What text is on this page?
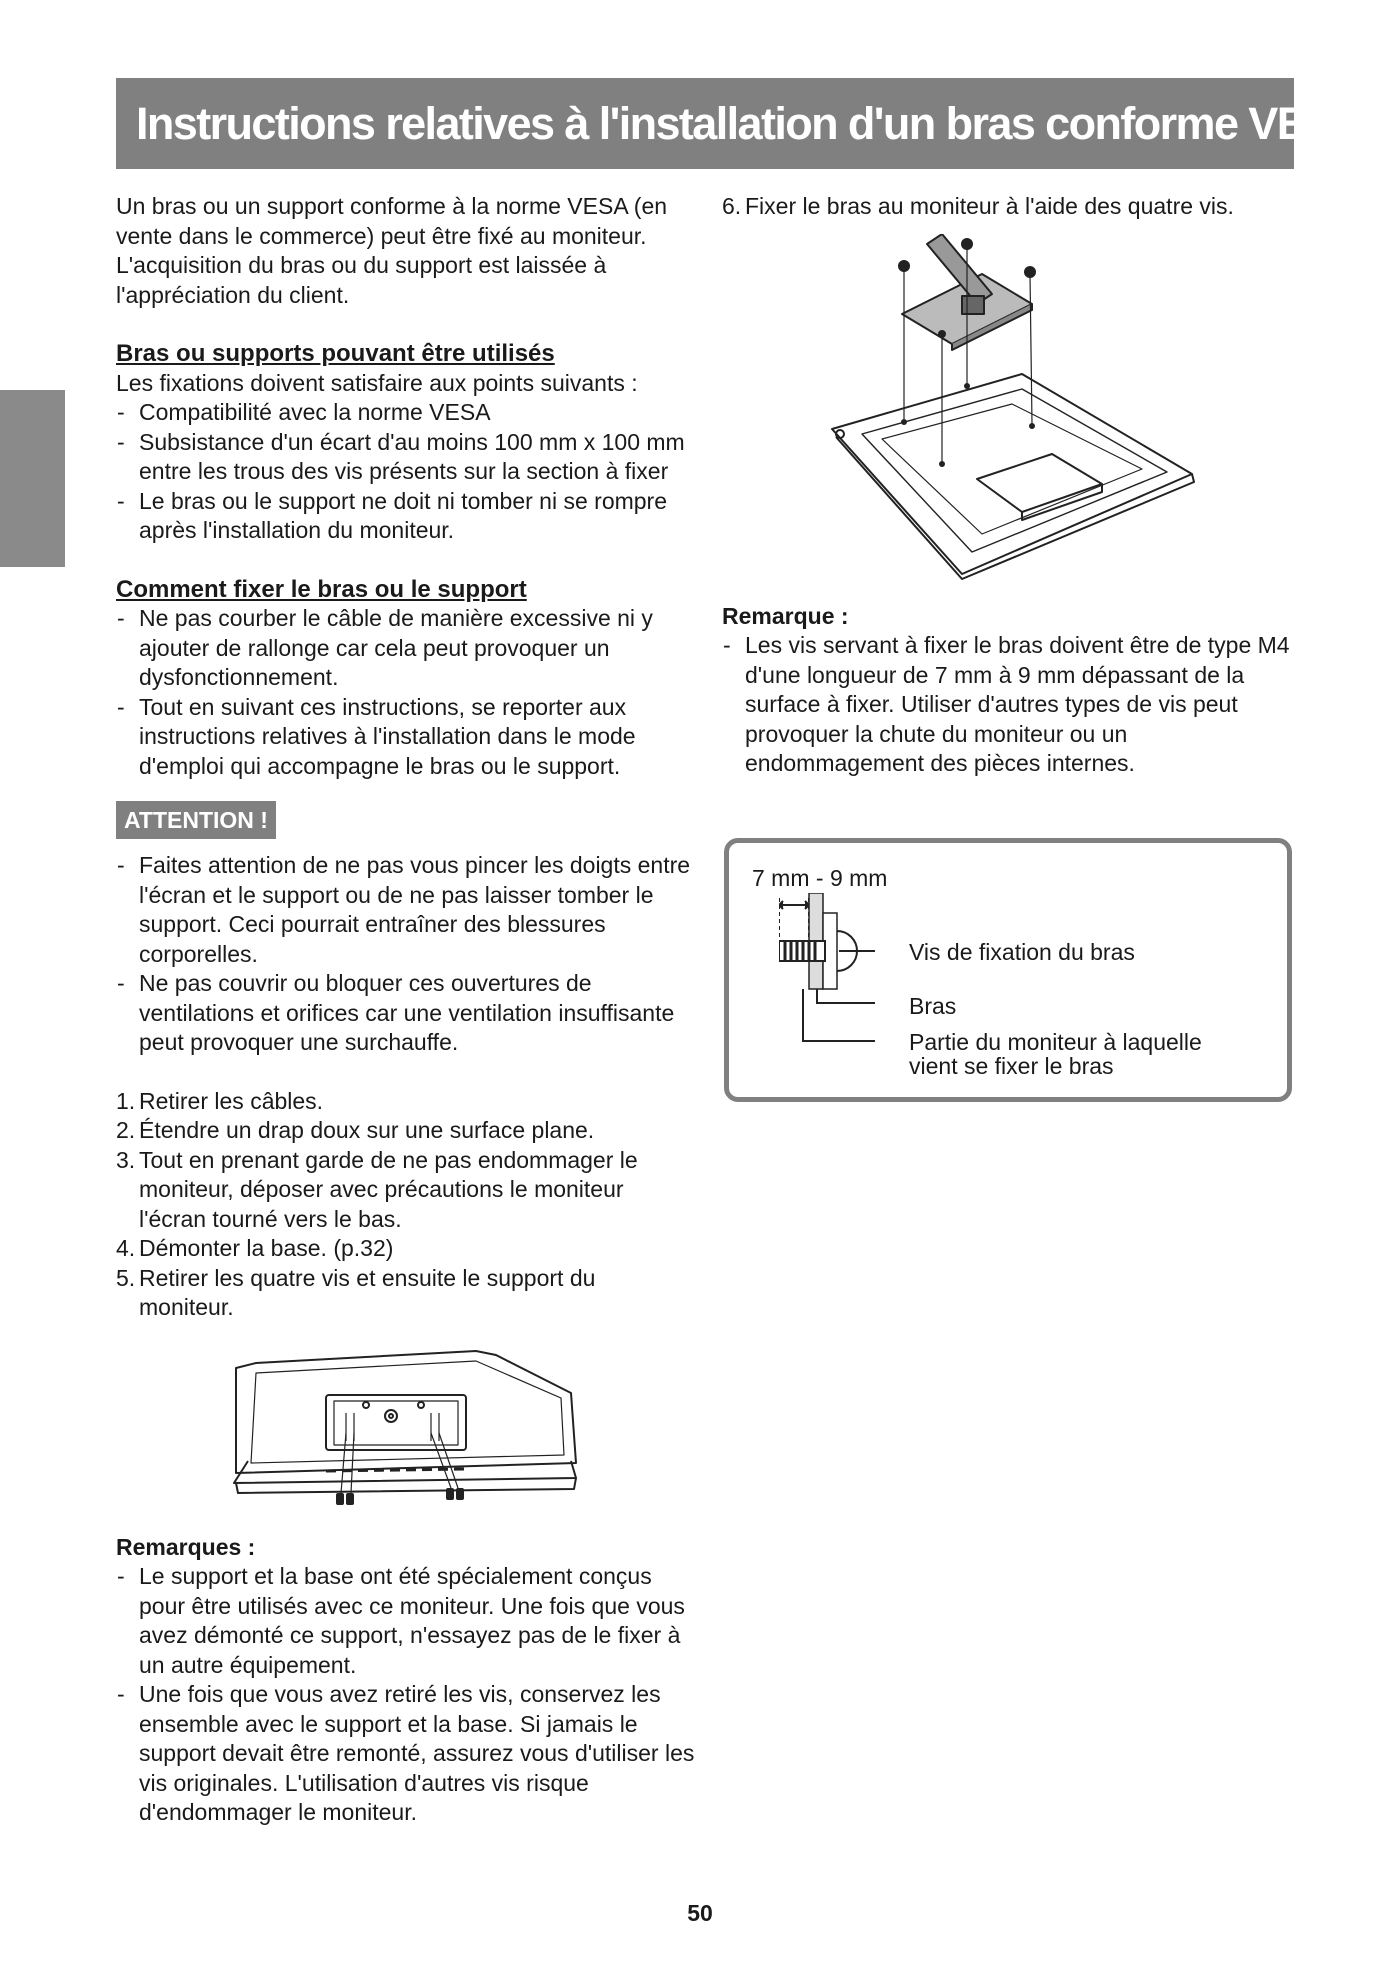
Instructions relatives à l'installation d'un bras conforme VESA

Un bras ou un support conforme à la norme VESA (en vente dans le commerce) peut être fixé au moniteur. L'acquisition du bras ou du support est laissée à l'appréciation du client.

Bras ou supports pouvant être utilisés

Les fixations doivent satisfaire aux points suivants :

- Compatibilité avec la norme VESA
- Subsistance d'un écart d'au moins 100 mm x 100 mm entre les trous des vis présents sur la section à fixer
- Le bras ou le support ne doit ni tomber ni se rompre après l'installation du moniteur.
Comment fixer le bras ou le support
- Ne pas courber le câble de manière excessive ni y ajouter de rallonge car cela peut provoquer un dysfonctionnement.
- Tout en suivant ces instructions, se reporter aux instructions relatives à l'installation dans le mode d'emploi qui accompagne le bras ou le support.
ATTENTION !
- Faites attention de ne pas vous pincer les doigts entre l'écran et le support ou de ne pas laisser tomber le support. Ceci pourrait entraîner des blessures corporelles.
- Ne pas couvrir ou bloquer ces ouvertures de ventilations et orifices car une ventilation insuffisante peut provoquer une surchauffe.
1. Retirer les câbles.
2. Étendre un drap doux sur une surface plane.
3. Tout en prenant garde de ne pas endommager le moniteur, déposer avec précautions le moniteur l'écran tourné vers le bas.
4. Démonter la base. (p.32)
5. Retirer les quatre vis et ensuite le support du moniteur.

Remarques :

- Le support et la base ont été spécialement conçus pour être utilisés avec ce moniteur. Une fois que vous avez démonté ce support, n'essayez pas de le fixer à un autre équipement.
- Une fois que vous avez retiré les vis, conservez les ensemble avec le support et la base. Si jamais le support devait être remonté, assurez vous d'utiliser les vis originales. L'utilisation d'autres vis risque d'endommager le moniteur.
6. Fixer le bras au moniteur à l'aide des quatre vis.

Remarque :

- Les vis servant à fixer le bras doivent être de type M4 d'une longueur de 7 mm à 9 mm dépassant de la surface à fixer. Utiliser d'autres types de vis peut provoquer la chute du moniteur ou un endommagement des pièces internes.
7 mm - 9 mm
Vis de fixation du bras
Bras
Partie du moniteur à laquelle
vient se fixer le bras
50
